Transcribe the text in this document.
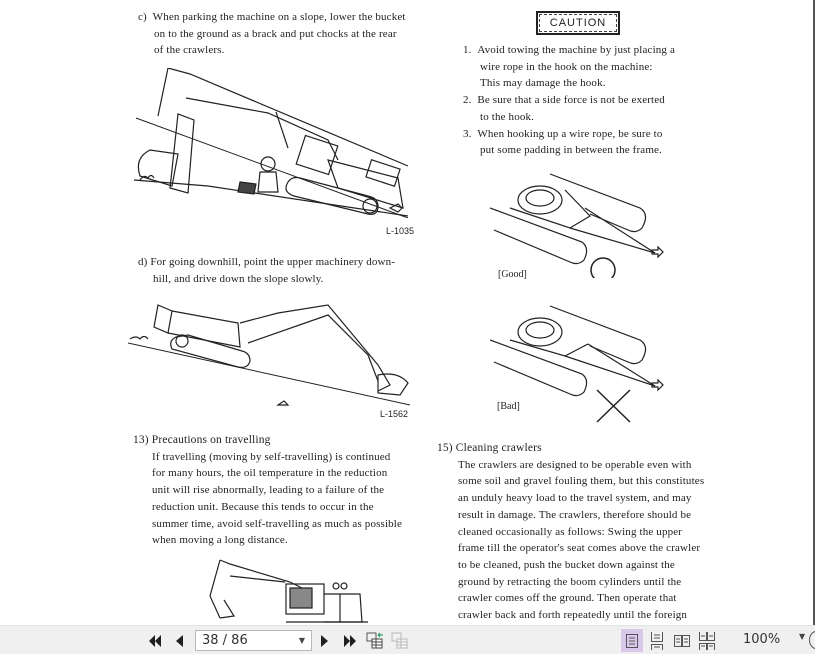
c) When parking the machine on a slope, lower the bucket

on to the ground as a brack and put chocks at the rear

of the crawlers.

L-1035

d) For going downhill, point the upper machinery down-

hill, and drive down the slope slowly.

L-1562

13) Precautions on travelling

If travelling (moving by self-travelling) is continued

for many hours, the oil temperature in the reduction

unit will rise abnormally, leading to a failure of the

reduction unit. Because this tends to occur in the

summer time, avoid self-travelling as much as possible

when moving a long distance.

CAUTION

1. Avoid towing the machine by just placing a

wire rope in the hook on the machine:

This may damage the hook.

2. Be sure that a side force is not be exerted

to the hook.

3. When hooking up a wire rope, be sure to

put some padding in between the frame.

[Good]
[Bad]

15) Cleaning crawlers

The crawlers are designed to be operable even with

some soil and gravel fouling them, but this constitutes

an unduly heavy load to the travel system, and may

result in damage. The crawlers, therefore should be

cleaned occasionally as follows: Swing the upper

frame till the operator's seat comes above the crawler

to be cleaned, push the bucket down against the

ground by retracting the boom cylinders until the

crawler comes off the ground. Then operate that

crawler back and forth repeatedly until the foreign

38 / 86	▼	100% ▼
